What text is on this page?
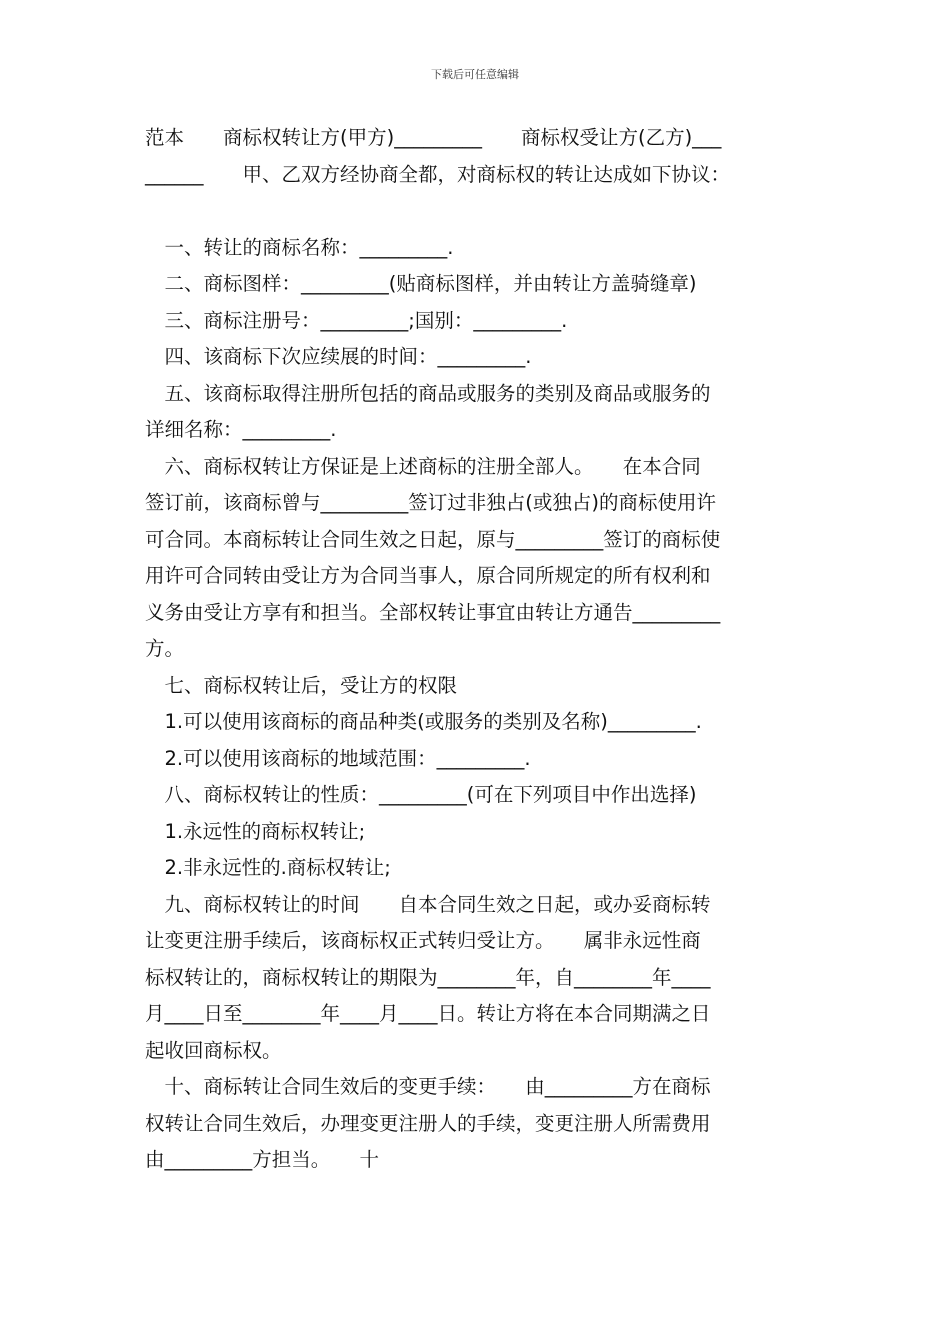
下载后可任意编辑
范本　　商标权转让方(甲方)_________　　商标权受让方(乙方)___
______　　甲、乙双方经协商全都，对商标权的转让达成如下协议：
　一、转让的商标名称：_________.
　二、商标图样：_________(贴商标图样，并由转让方盖骑缝章)
　三、商标注册号：_________;国别：_________.
　四、该商标下次应续展的时间：_________.
　五、该商标取得注册所包括的商品或服务的类别及商品或服务的
详细名称：_________.
　六、商标权转让方保证是上述商标的注册全部人。　　在本合同
签订前，该商标曾与_________签订过非独占(或独占)的商标使用许
可合同。本商标转让合同生效之日起，原与_________签订的商标使
用许可合同转由受让方为合同当事人，原合同所规定的所有权利和
义务由受让方享有和担当。全部权转让事宜由转让方通告_________
方。
　七、商标权转让后，受让方的权限
　1.可以使用该商标的商品种类(或服务的类别及名称)_________.
　2.可以使用该商标的地域范围：_________.
　八、商标权转让的性质：_________(可在下列项目中作出选择)
　1.永远性的商标权转让;
　2.非永远性的.商标权转让;
　九、商标权转让的时间　　自本合同生效之日起，或办妥商标转
让变更注册手续后，该商标权正式转归受让方。　　属非永远性商
标权转让的，商标权转让的期限为________年，自________年____
月____日至________年____月____日。转让方将在本合同期满之日
起收回商标权。
　十、商标转让合同生效后的变更手续：　　由_________方在商标
权转让合同生效后，办理变更注册人的手续，变更注册人所需费用
由_________方担当。　　十
